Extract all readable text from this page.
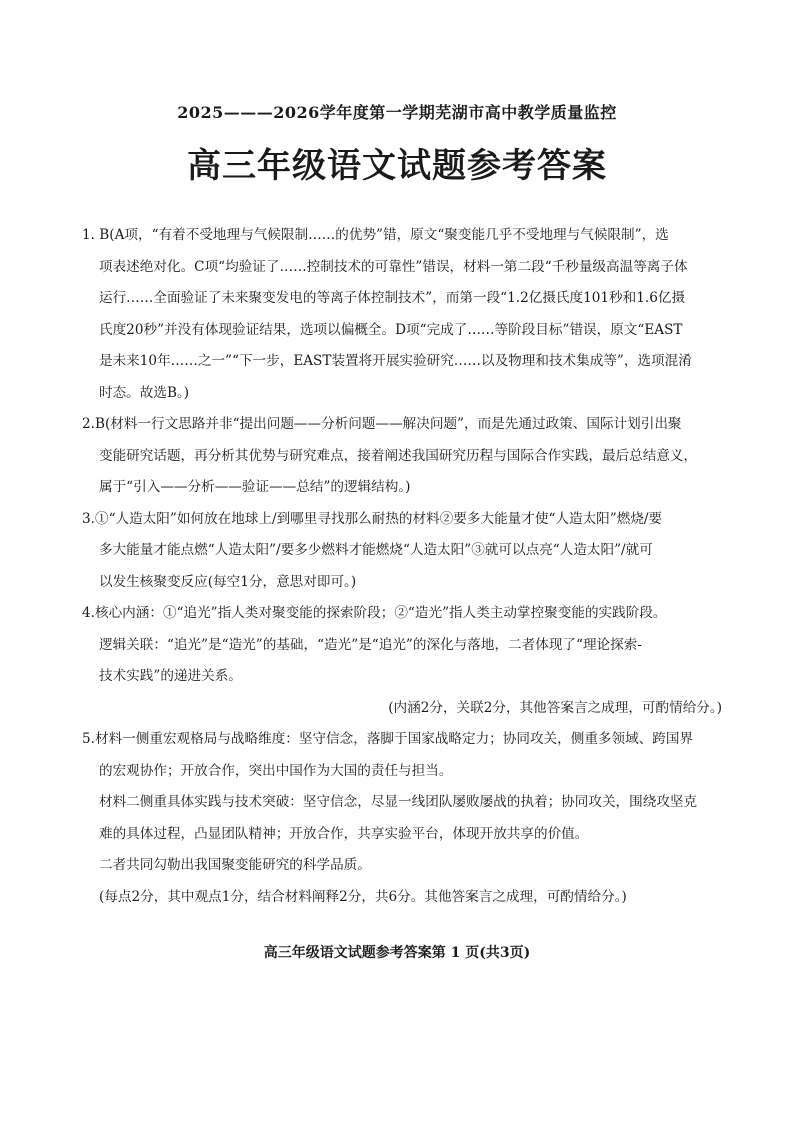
2025———2026学年度第一学期芜湖市高中教学质量监控
高三年级语文试题参考答案
1. B(A项，“有着不受地理与气候限制……的优势”错，原文“聚变能几乎不受地理与气候限制”，选
项表述绝对化。C项“均验证了……控制技术的可靠性”错误，材料一第二段“千秒量级高温等离子体
运行……全面验证了未来聚变发电的等离子体控制技术”，而第一段“1.2亿摄氏度101秒和1.6亿摄
氏度20秒”并没有体现验证结果，选项以偏概全。D项“完成了……等阶段目标”错误，原文“EAST
是未来10年……之一”“下一步，EAST装置将开展实验研究……以及物理和技术集成等”，选项混淆
时态。故选B。)
2.B(材料一行文思路并非“提出问题——分析问题——解决问题”，而是先通过政策、国际计划引出聚
变能研究话题，再分析其优势与研究难点，接着阐述我国研究历程与国际合作实践，最后总结意义，
属于“引入——分析——验证——总结”的逻辑结构。)
3.①“人造太阳”如何放在地球上/到哪里寻找那么耐热的材料②要多大能量才使“人造太阳”燃烧/要
多大能量才能点燃“人造太阳”/要多少燃料才能燃烧“人造太阳”③就可以点亮“人造太阳”/就可
以发生核聚变反应(每空1分，意思对即可。)
4.核心内涵：①“追光”指人类对聚变能的探索阶段；②“造光”指人类主动掌控聚变能的实践阶段。
逻辑关联：“追光”是“造光”的基础，“造光”是“追光”的深化与落地，二者体现了“理论探索-
技术实践”的递进关系。
(内涵2分，关联2分，其他答案言之成理，可酌情给分。)
5.材料一侧重宏观格局与战略维度：坚守信念，落脚于国家战略定力；协同攻关，侧重多领域、跨国界
的宏观协作；开放合作，突出中国作为大国的责任与担当。
材料二侧重具体实践与技术突破：坚守信念，尽显一线团队屡败屡战的执着；协同攻关，围绕攻坚克
难的具体过程，凸显团队精神；开放合作，共享实验平台，体现开放共享的价值。
二者共同勾勒出我国聚变能研究的科学品质。
(每点2分，其中观点1分，结合材料阐释2分，共6分。其他答案言之成理，可酌情给分。)
高三年级语文试题参考答案第 1 页(共3页)
